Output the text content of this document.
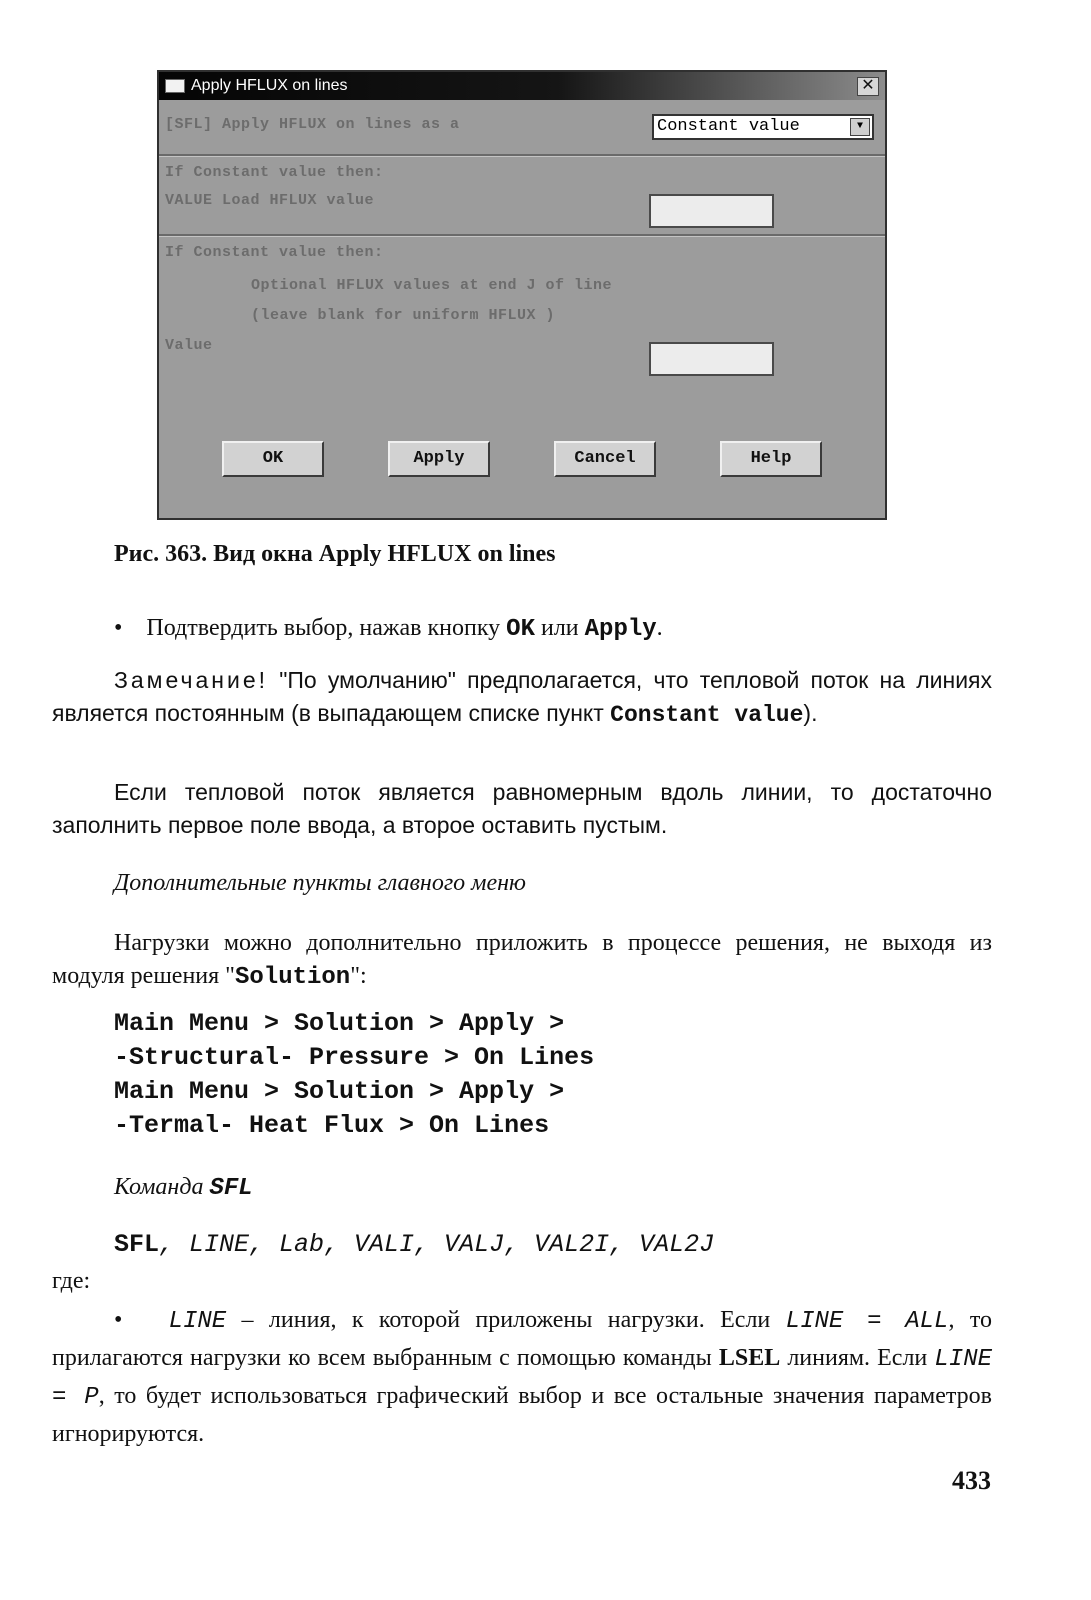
Apply HFLUX on lines	✕
[SFL] Apply HFLUX on lines as a	Constant value	▼
If Constant value then:
VALUE Load HFLUX value
If Constant value then:
Optional HFLUX values at end J of line
(leave blank for uniform HFLUX )
Value
OK	Apply	Cancel	Help

Рис. 363. Вид окна Apply HFLUX on lines

• Подтвердить выбор, нажав кнопку OK или Apply.

Замечание! "По умолчанию" предполагается, что тепловой поток на линиях является постоянным (в выпадающем списке пункт Constant value).

Если тепловой поток является равномерным вдоль линии, то достаточно заполнить первое поле ввода, а второе оставить пустым.

Дополнительные пункты главного меню

Нагрузки можно дополнительно приложить в процессе решения, не выходя из модуля решения "Solution":

Main Menu > Solution > Apply >

-Structural- Pressure > On Lines

Main Menu > Solution > Apply >

-Termal- Heat Flux > On Lines

Команда SFL

SFL, LINE, Lab, VALI, VALJ, VAL2I, VAL2J

где:

• LINE – линия, к которой приложены нагрузки. Если LINE = ALL, то прилагаются нагрузки ко всем выбранным с помощью команды LSEL линиям. Если LINE = P, то будет использоваться графический выбор и все остальные значения параметров игнорируются.

433
